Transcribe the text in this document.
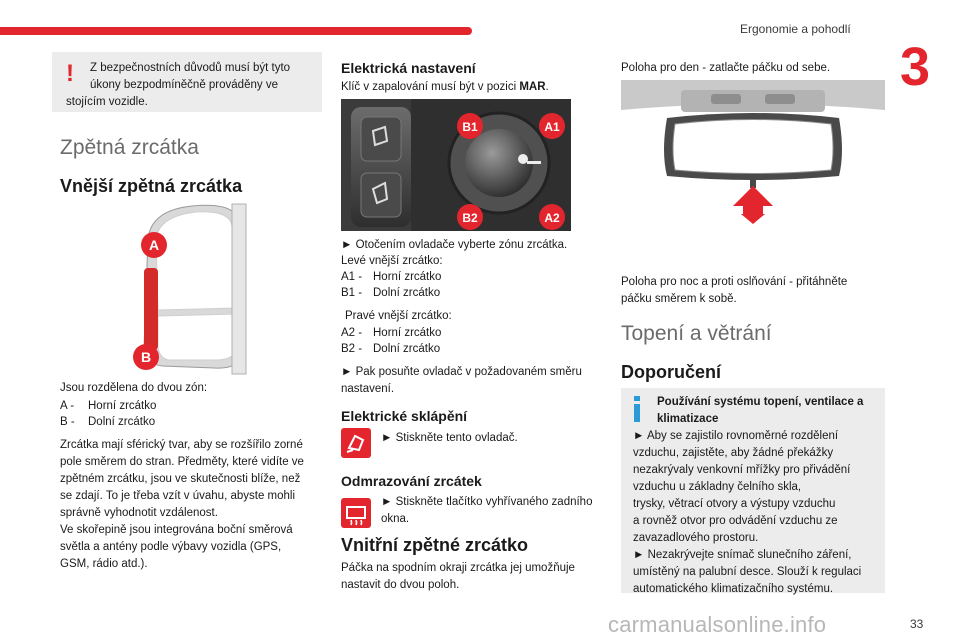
Ergonomie a pohodlí
3
! Z bezpečnostních důvodů musí být tyto
úkony bezpodmíněčně prováděny ve
stojícím vozidle.
Zpětná zrcátka
Vnější zpětná zrcátka
A
B
Jsou rozdělena do dvou zón:
A - Horní zrcátko
B - Dolní zrcátko
Zrcátka mají sférický tvar, aby se rozšířilo zorné
pole směrem do stran. Předměty, které vidíte ve
zpětném zrcátku, jsou ve skutečnosti blíže, než
se zdají. To je třeba vzít v úvahu, abyste mohli
správně vyhodnotit vzdálenost.
Ve skořepině jsou integrována boční směrová
světla a antény podle výbavy vozidla (GPS,
GSM, rádio atd.).
Elektrická nastavení
Klíč v zapalování musí být v pozici MAR.
B1	A1
B2	A2
► Otočením ovladače vyberte zónu zrcátka.
Levé vnější zrcátko:
A1 - Horní zrcátko
B1 - Dolní zrcátko
Pravé vnější zrcátko:
A2 - Horní zrcátko
B2 - Dolní zrcátko
► Pak posuňte ovladač v požadovaném směru
nastavení.
Elektrické sklápění
► Stiskněte tento ovladač.
Odmrazování zrcátek
► Stiskněte tlačítko vyhřívaného zadního
okna.
Vnitřní zpětné zrcátko
Páčka na spodním okraji zrcátka jej umožňuje
nastavit do dvou poloh.
Poloha pro den - zatlačte páčku od sebe.
Poloha pro noc a proti oslňování - přitáhněte
páčku směrem k sobě.
Topení a větrání
Doporučení
Používání systému topení, ventilace a
klimatizace
► Aby se zajistilo rovnoměrné rozdělení
vzduchu, zajistěte, aby žádné překážky
nezakrývaly venkovní mřížky pro přivádění
vzduchu u základny čelního skla,
trysky, větrací otvory a výstupy vzduchu
a rovněž otvor pro odvádění vzduchu ze
zavazadlového prostoru.
► Nezakrývejte snímač slunečního záření,
umístěný na palubní desce. Slouží k regulaci
automatického klimatizačního systému.
carmanualsonline.info	33
